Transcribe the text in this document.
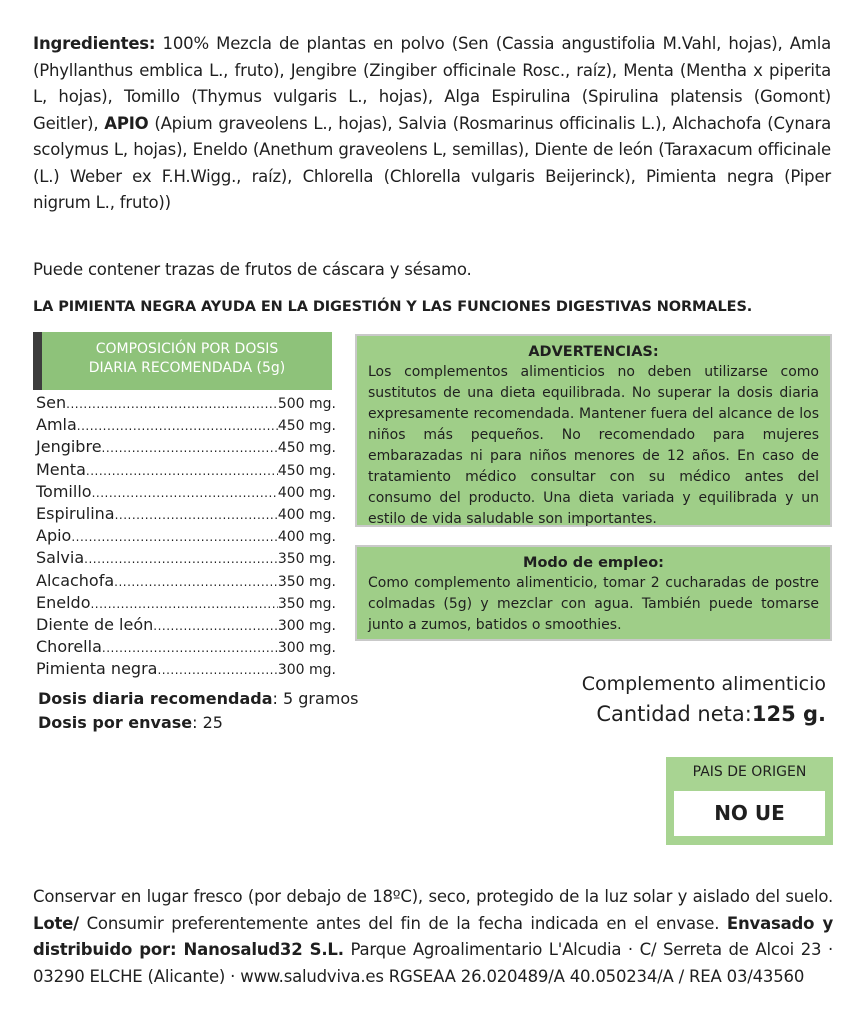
Ingredientes: 100% Mezcla de plantas en polvo (Sen (Cassia angustifolia M.Vahl, hojas), Amla (Phyllanthus emblica L., fruto), Jengibre (Zingiber officinale Rosc., raíz), Menta (Mentha x piperita L, hojas), Tomillo (Thymus vulgaris L., hojas), Alga Espirulina (Spirulina platensis (Gomont) Geitler), APIO (Apium graveolens L., hojas), Salvia (Rosmarinus officinalis L.), Alchachofa (Cynara scolymus L, hojas), Eneldo (Anethum graveolens L, semillas), Diente de león (Taraxacum officinale (L.) Weber ex F.H.Wigg., raíz), Chlorella (Chlorella vulgaris Beijerinck), Pimienta negra (Piper nigrum L., fruto))
Puede contener trazas de frutos de cáscara y sésamo.
LA PIMIENTA NEGRA AYUDA EN LA DIGESTIÓN Y LAS FUNCIONES DIGESTIVAS NORMALES.
COMPOSICIÓN POR DOSIS
DIARIA RECOMENDADA (5g)
Sen .....	500 mg.
Amla .....	450 mg.
Jengibre .....	450 mg.
Menta .....	450 mg.
Tomillo .....	400 mg.
Espirulina .....	400 mg.
Apio .....	400 mg.
Salvia .....	350 mg.
Alcachofa .....	350 mg.
Eneldo .....	350 mg.
Diente de león .....	300 mg.
Chorella .....	300 mg.
Pimienta negra .....	300 mg.
Dosis diaria recomendada: 5 gramos
Dosis por envase: 25
ADVERTENCIAS:
Los complementos alimenticios no deben utilizarse como sustitutos de una dieta equilibrada. No superar la dosis diaria expresamente recomendada. Mantener fuera del alcance de los niños más pequeños. No recomendado para mujeres embarazadas ni para niños menores de 12 años. En caso de tratamiento médico consultar con su médico antes del consumo del producto. Una dieta variada y equilibrada y un estilo de vida saludable son importantes.
Modo de empleo:
Como complemento alimenticio, tomar 2 cucharadas de postre colmadas (5g) y mezclar con agua. También puede tomarse junto a zumos, batidos o smoothies.
Complemento alimenticio
Cantidad neta:125 g.
PAIS DE ORIGEN
NO UE
Conservar en lugar fresco (por debajo de 18ºC), seco, protegido de la luz solar y aislado del suelo. Lote/ Consumir preferentemente antes del fin de la fecha indicada en el envase. Envasado y distribuido por: Nanosalud32 S.L. Parque Agroalimentario L'Alcudia · C/ Serreta de Alcoi 23 · 03290 ELCHE (Alicante) · www.saludviva.es RGSEAA 26.020489/A 40.050234/A / REA 03/43560
